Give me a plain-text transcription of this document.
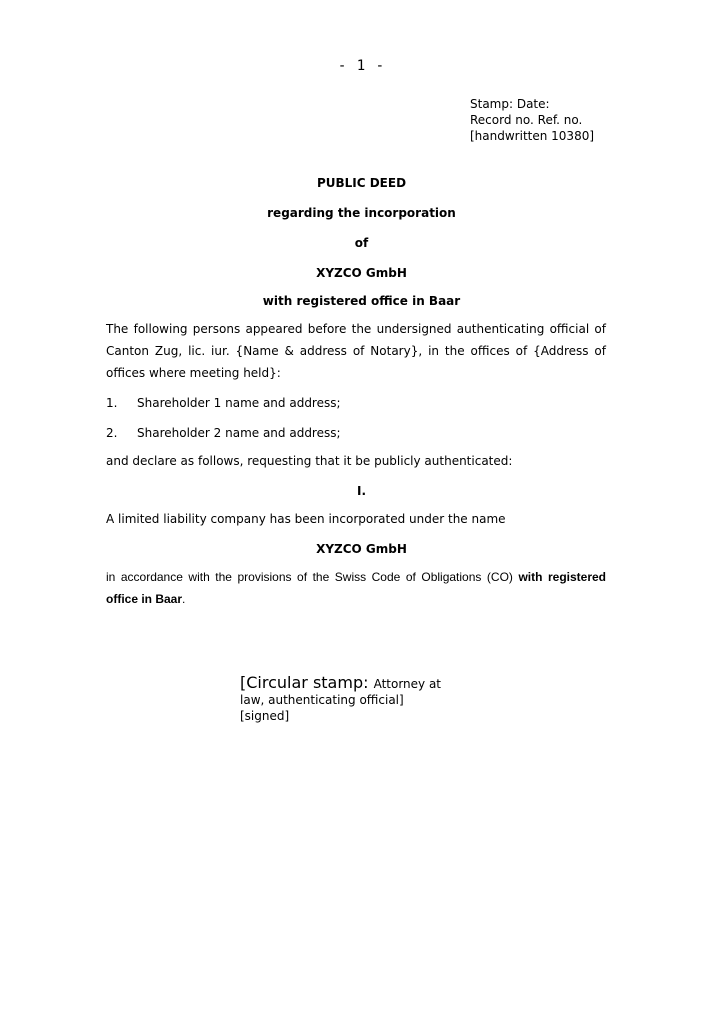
- 1 -
Stamp: Date:
Record no. Ref. no.
[handwritten 10380]
PUBLIC DEED
regarding the incorporation
of
XYZCO GmbH
with registered office in Baar
The following persons appeared before the undersigned authenticating official of Canton Zug, lic. iur. {Name & address of Notary}, in the offices of {Address of offices where meeting held}:
1. Shareholder 1 name and address;
2. Shareholder 2 name and address;
and declare as follows, requesting that it be publicly authenticated:
I.
A limited liability company has been incorporated under the name
XYZCO GmbH
in accordance with the provisions of the Swiss Code of Obligations (CO) with registered office in Baar.
[Circular stamp: Attorney at
law, authenticating official]
[signed]
